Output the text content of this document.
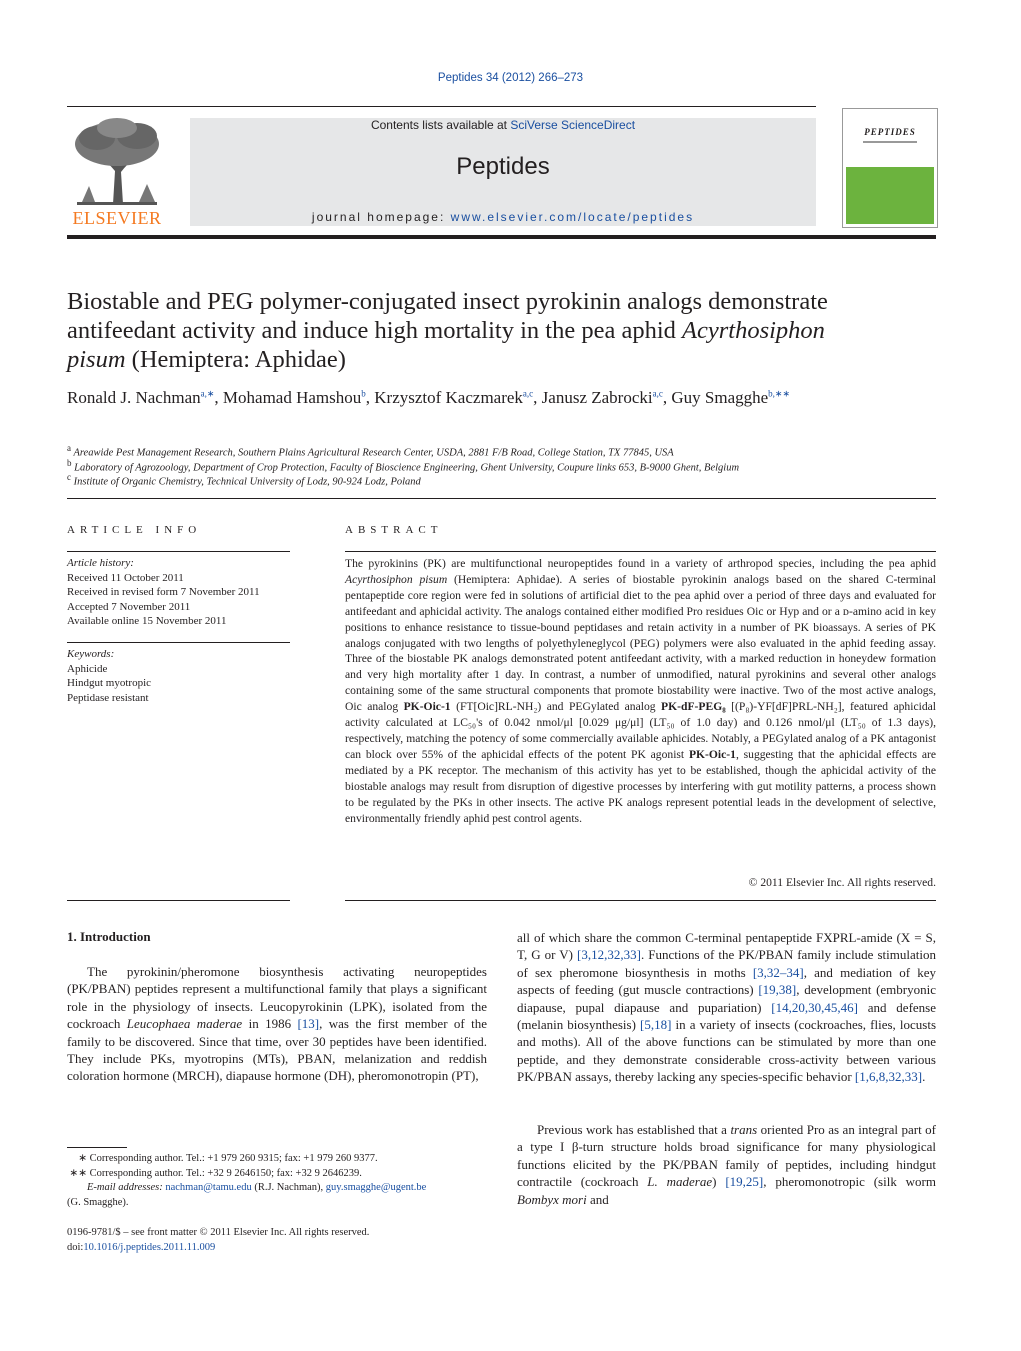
Peptides 34 (2012) 266–273
ELSEVIER
Contents lists available at SciVerse ScienceDirect
Peptides
journal homepage: www.elsevier.com/locate/peptides
PEPTIDES
Biostable and PEG polymer-conjugated insect pyrokinin analogs demonstrate
antifeedant activity and induce high mortality in the pea aphid Acyrthosiphon
pisum (Hemiptera: Aphidae)
Ronald J. Nachman$^{a,∗}$, Mohamad Hamshou$^b$, Krzysztof Kaczmarek$^{a,c}$, Janusz Zabrocki$^{a,c}$, Guy Smagghe$^{b,∗∗}$
$^a$ Areawide Pest Management Research, Southern Plains Agricultural Research Center, USDA, 2881 F/B Road, College Station, TX 77845, USA
$^b$ Laboratory of Agrozoology, Department of Crop Protection, Faculty of Bioscience Engineering, Ghent University, Coupure links 653, B-9000 Ghent, Belgium
$^c$ Institute of Organic Chemistry, Technical University of Lodz, 90-924 Lodz, Poland
ARTICLE INFO
Article history:
Received 11 October 2011
Received in revised form 7 November 2011
Accepted 7 November 2011
Available online 15 November 2011
Keywords:
Aphicide
Hindgut myotropic
Peptidase resistant
ABSTRACT
The pyrokinins (PK) are multifunctional neuropeptides found in a variety of arthropod species, including the pea aphid Acyrthosiphon pisum (Hemiptera: Aphidae). A series of biostable pyrokinin analogs based on the shared C-terminal pentapeptide core region were fed in solutions of artificial diet to the pea aphid over a period of three days and evaluated for antifeedant and aphicidal activity. The analogs contained either modified Pro residues Oic or Hyp and or a ᴅ-amino acid in key positions to enhance resistance to tissue-bound peptidases and retain activity in a number of PK bioassays. A series of PK analogs conjugated with two lengths of polyethyleneglycol (PEG) polymers were also evaluated in the aphid feeding assay. Three of the biostable PK analogs demonstrated potent antifeedant activity, with a marked reduction in honeydew formation and very high mortality after 1 day. In contrast, a number of unmodified, natural pyrokinins and several other analogs containing some of the same structural components that promote biostability were inactive. Two of the most active analogs, Oic analog PK-Oic-1 (FT[Oic]RL-NH₂) and PEGylated analog PK-dF-PEG₈ [(P₈)-YF[dF]PRL-NH₂], featured aphicidal activity calculated at LC₅₀'s of 0.042 nmol/μl [0.029 μg/μl] (LT₅₀ of 1.0 day) and 0.126 nmol/μl (LT₅₀ of 1.3 days), respectively, matching the potency of some commercially available aphicides. Notably, a PEGylated analog of a PK antagonist can block over 55% of the aphicidal effects of the potent PK agonist PK-Oic-1, suggesting that the aphicidal effects are mediated by a PK receptor. The mechanism of this activity has yet to be established, though the aphicidal activity of the biostable analogs may result from disruption of digestive processes by interfering with gut motility patterns, a process shown to be regulated by the PKs in other insects. The active PK analogs represent potential leads in the development of selective, environmentally friendly aphid pest control agents.
© 2011 Elsevier Inc. All rights reserved.
1. Introduction
The pyrokinin/pheromone biosynthesis activating neuropeptides (PK/PBAN) peptides represent a multifunctional family that plays a significant role in the physiology of insects. Leucopyrokinin (LPK), isolated from the cockroach Leucophaea maderae in 1986 [13], was the first member of the family to be discovered. Since that time, over 30 peptides have been identified. They include PKs, myotropins (MTs), PBAN, melanization and reddish coloration hormone (MRCH), diapause hormone (DH), pheromonotropin (PT),
all of which share the common C-terminal pentapeptide FXPRL-amide (X = S, T, G or V) [3,12,32,33]. Functions of the PK/PBAN family include stimulation of sex pheromone biosynthesis in moths [3,32–34], and mediation of key aspects of feeding (gut muscle contractions) [19,38], development (embryonic diapause, pupal diapause and pupariation) [14,20,30,45,46] and defense (melanin biosynthesis) [5,18] in a variety of insects (cockroaches, flies, locusts and moths). All of the above functions can be stimulated by more than one peptide, and they demonstrate considerable cross-activity between various PK/PBAN assays, thereby lacking any species-specific behavior [1,6,8,32,33].
Previous work has established that a trans oriented Pro as an integral part of a type I β-turn structure holds broad significance for many physiological functions elicited by the PK/PBAN family of peptides, including hindgut contractile (cockroach L. maderae) [19,25], pheromonotropic (silk worm Bombyx mori and
∗ Corresponding author. Tel.: +1 979 260 9315; fax: +1 979 260 9377.
∗∗ Corresponding author. Tel.: +32 9 2646150; fax: +32 9 2646239.
E-mail addresses: nachman@tamu.edu (R.J. Nachman), guy.smagghe@ugent.be
(G. Smagghe).
0196-9781/$ – see front matter © 2011 Elsevier Inc. All rights reserved.
doi:10.1016/j.peptides.2011.11.009
